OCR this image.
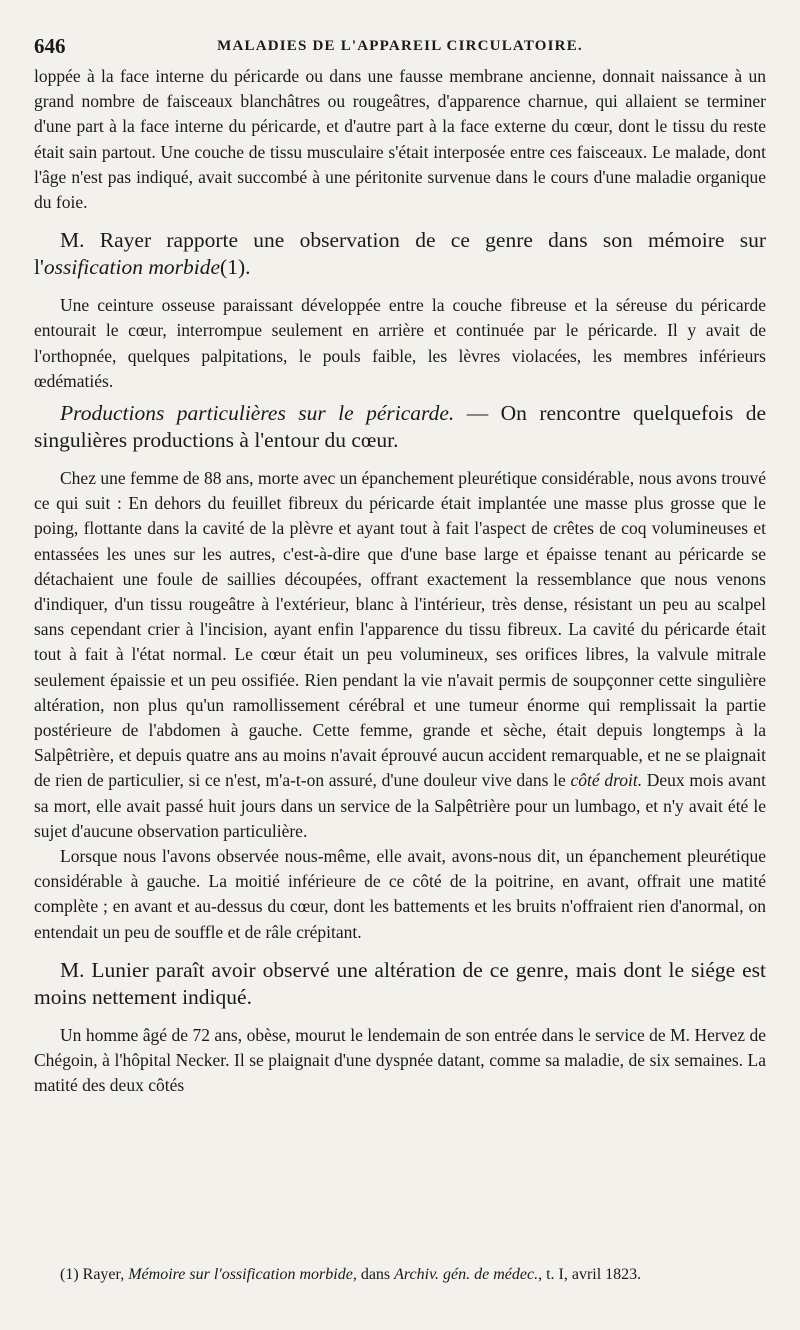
646	MALADIES DE L'APPAREIL CIRCULATOIRE.

loppée à la face interne du péricarde ou dans une fausse membrane ancienne, donnait naissance à un grand nombre de faisceaux blanchâtres ou rougeâtres, d'apparence charnue, qui allaient se terminer d'une part à la face interne du péricarde, et d'autre part à la face externe du cœur, dont le tissu du reste était sain partout. Une couche de tissu musculaire s'était interposée entre ces faisceaux. Le malade, dont l'âge n'est pas indiqué, avait succombé à une péritonite survenue dans le cours d'une maladie organique du foie.

M. Rayer rapporte une observation de ce genre dans son mémoire sur l'ossification morbide(1).

Une ceinture osseuse paraissant développée entre la couche fibreuse et la séreuse du péricarde entourait le cœur, interrompue seulement en arrière et continuée par le péricarde. Il y avait de l'orthopnée, quelques palpitations, le pouls faible, les lèvres violacées, les membres inférieurs œdématiés.

Productions particulières sur le péricarde. — On rencontre quelquefois de singulières productions à l'entour du cœur.

Chez une femme de 88 ans, morte avec un épanchement pleurétique considérable, nous avons trouvé ce qui suit : En dehors du feuillet fibreux du péricarde était implantée une masse plus grosse que le poing, flottante dans la cavité de la plèvre et ayant tout à fait l'aspect de crêtes de coq volumineuses et entassées les unes sur les autres, c'est-à-dire que d'une base large et épaisse tenant au péricarde se détachaient une foule de saillies découpées, offrant exactement la ressemblance que nous venons d'indiquer, d'un tissu rougeâtre à l'extérieur, blanc à l'intérieur, très dense, résistant un peu au scalpel sans cependant crier à l'incision, ayant enfin l'apparence du tissu fibreux. La cavité du péricarde était tout à fait à l'état normal. Le cœur était un peu volumineux, ses orifices libres, la valvule mitrale seulement épaissie et un peu ossifiée. Rien pendant la vie n'avait permis de soupçonner cette singulière altération, non plus qu'un ramollissement cérébral et une tumeur énorme qui remplissait la partie postérieure de l'abdomen à gauche. Cette femme, grande et sèche, était depuis longtemps à la Salpêtrière, et depuis quatre ans au moins n'avait éprouvé aucun accident remarquable, et ne se plaignait de rien de particulier, si ce n'est, m'a-t-on assuré, d'une douleur vive dans le côté droit. Deux mois avant sa mort, elle avait passé huit jours dans un service de la Salpêtrière pour un lumbago, et n'y avait été le sujet d'aucune observation particulière.

Lorsque nous l'avons observée nous-même, elle avait, avons-nous dit, un épanchement pleurétique considérable à gauche. La moitié inférieure de ce côté de la poitrine, en avant, offrait une matité complète ; en avant et au-dessus du cœur, dont les battements et les bruits n'offraient rien d'anormal, on entendait un peu de souffle et de râle crépitant.

M. Lunier paraît avoir observé une altération de ce genre, mais dont le siége est moins nettement indiqué.

Un homme âgé de 72 ans, obèse, mourut le lendemain de son entrée dans le service de M. Hervez de Chégoin, à l'hôpital Necker. Il se plaignait d'une dyspnée datant, comme sa maladie, de six semaines. La matité des deux côtés

(1) Rayer, Mémoire sur l'ossification morbide, dans Archiv. gén. de médec., t. I, avril 1823.
